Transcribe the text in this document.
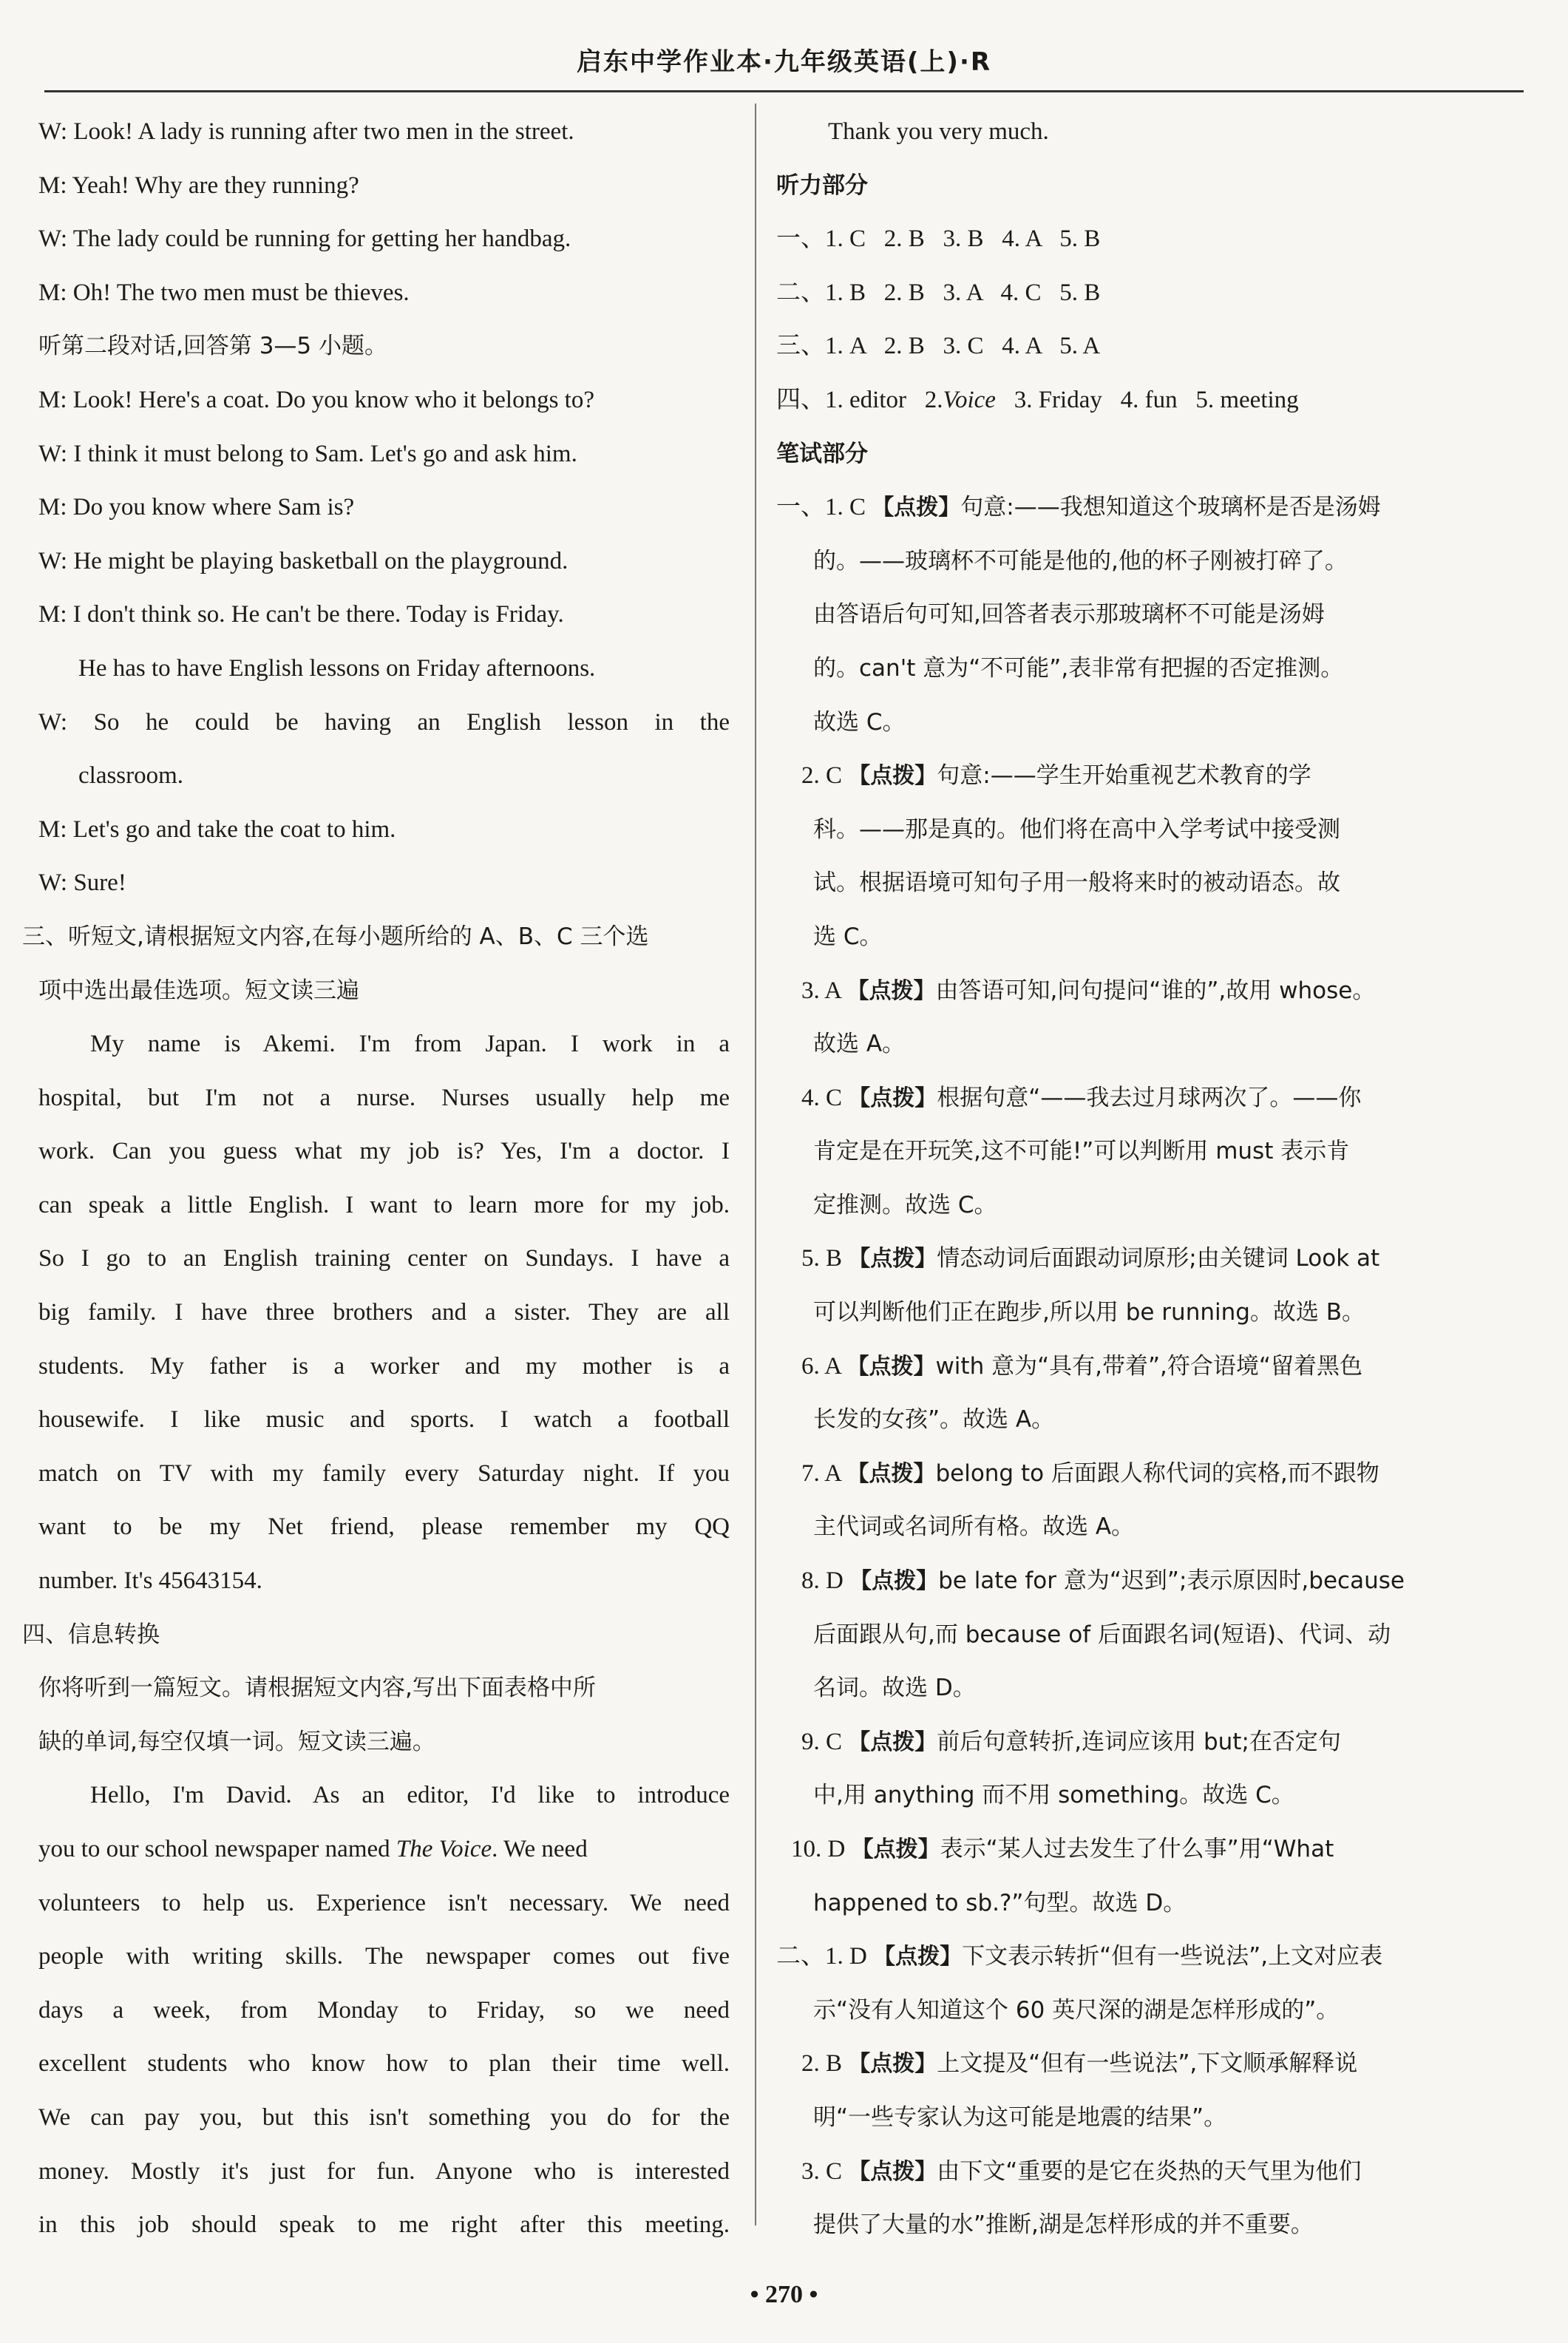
启东中学作业本·九年级英语(上)·R
W: Look! A lady is running after two men in the street.
M: Yeah! Why are they running?
W: The lady could be running for getting her handbag.
M: Oh! The two men must be thieves.
听第二段对话,回答第 3—5 小题。
M: Look! Here's a coat. Do you know who it belongs to?
W: I think it must belong to Sam. Let's go and ask him.
M: Do you know where Sam is?
W: He might be playing basketball on the playground.
M: I don't think so. He can't be there. Today is Friday.
He has to have English lessons on Friday afternoons.
W: So he could be having an English lesson in the
classroom.
M: Let's go and take the coat to him.
W: Sure!
三、听短文,请根据短文内容,在每小题所给的 A、B、C 三个选
项中选出最佳选项。短文读三遍
My name is Akemi. I'm from Japan. I work in a
hospital, but I'm not a nurse. Nurses usually help me
work. Can you guess what my job is? Yes, I'm a doctor. I
can speak a little English. I want to learn more for my job.
So I go to an English training center on Sundays. I have a
big family. I have three brothers and a sister. They are all
students. My father is a worker and my mother is a
housewife. I like music and sports. I watch a football
match on TV with my family every Saturday night. If you
want to be my Net friend, please remember my QQ
number. It's 45643154.
四、信息转换
你将听到一篇短文。请根据短文内容,写出下面表格中所
缺的单词,每空仅填一词。短文读三遍。
Hello, I'm David. As an editor, I'd like to introduce
you to our school newspaper named The Voice. We need
volunteers to help us. Experience isn't necessary. We need
people with writing skills. The newspaper comes out five
days a week, from Monday to Friday, so we need
excellent students who know how to plan their time well.
We can pay you, but this isn't something you do for the
money. Mostly it's just for fun. Anyone who is interested
in this job should speak to me right after this meeting.
Thank you very much.
听力部分
一、1. C   2. B   3. B   4. A   5. B
二、1. B   2. B   3. A   4. C   5. B
三、1. A   2. B   3. C   4. A   5. A
四、1. editor   2.Voice   3. Friday   4. fun   5. meeting
笔试部分
一、1. C 【点拨】句意:——我想知道这个玻璃杯是否是汤姆
的。——玻璃杯不可能是他的,他的杯子刚被打碎了。
由答语后句可知,回答者表示那玻璃杯不可能是汤姆
的。can't 意为“不可能”,表非常有把握的否定推测。
故选 C。
2. C 【点拨】句意:——学生开始重视艺术教育的学
科。——那是真的。他们将在高中入学考试中接受测
试。根据语境可知句子用一般将来时的被动语态。故
选 C。
3. A 【点拨】由答语可知,问句提问“谁的”,故用 whose。
故选 A。
4. C 【点拨】根据句意“——我去过月球两次了。——你
肯定是在开玩笑,这不可能!”可以判断用 must 表示肯
定推测。故选 C。
5. B 【点拨】情态动词后面跟动词原形;由关键词 Look at
可以判断他们正在跑步,所以用 be running。故选 B。
6. A 【点拨】with 意为“具有,带着”,符合语境“留着黑色
长发的女孩”。故选 A。
7. A 【点拨】belong to 后面跟人称代词的宾格,而不跟物
主代词或名词所有格。故选 A。
8. D 【点拨】be late for 意为“迟到”;表示原因时,because
后面跟从句,而 because of 后面跟名词(短语)、代词、动
名词。故选 D。
9. C 【点拨】前后句意转折,连词应该用 but;在否定句
中,用 anything 而不用 something。故选 C。
10. D 【点拨】表示“某人过去发生了什么事”用“What
happened to sb.?”句型。故选 D。
二、1. D 【点拨】下文表示转折“但有一些说法”,上文对应表
示“没有人知道这个 60 英尺深的湖是怎样形成的”。
2. B 【点拨】上文提及“但有一些说法”,下文顺承解释说
明“一些专家认为这可能是地震的结果”。
3. C 【点拨】由下文“重要的是它在炎热的天气里为他们
提供了大量的水”推断,湖是怎样形成的并不重要。
• 270 •
